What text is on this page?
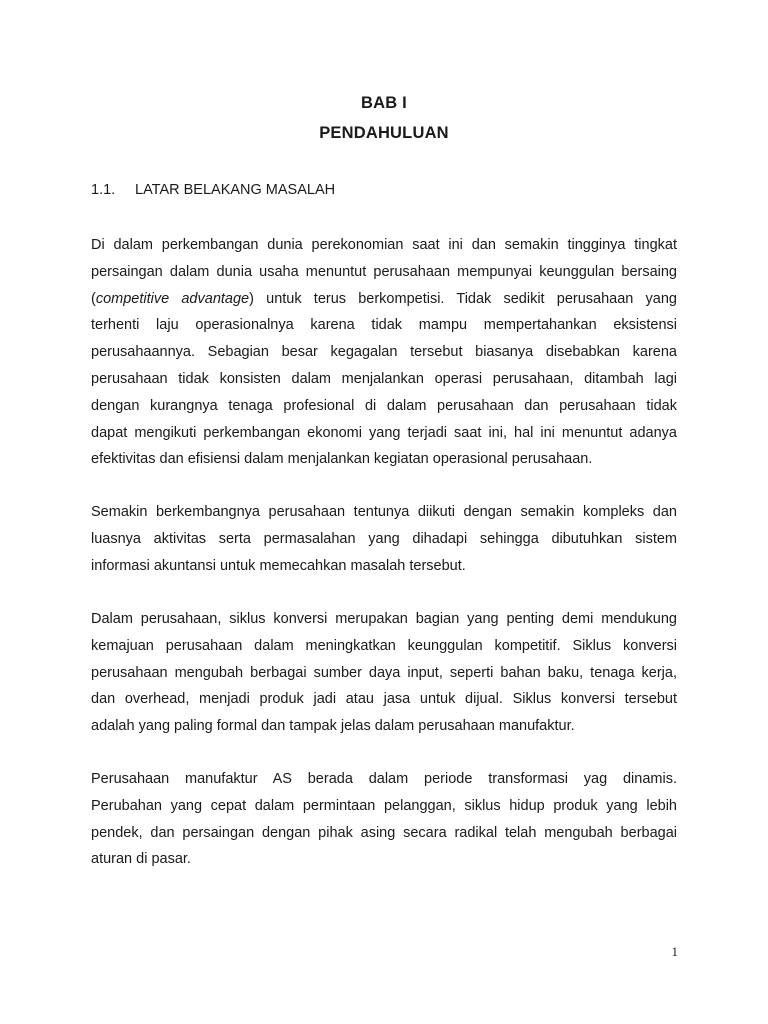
BAB I
PENDAHULUAN
1.1. LATAR BELAKANG MASALAH

Di dalam perkembangan dunia perekonomian saat ini dan semakin tingginya tingkat
persaingan dalam dunia usaha menuntut perusahaan mempunyai keunggulan bersaing
(competitive advantage) untuk terus berkompetisi. Tidak sedikit perusahaan yang
terhenti laju operasionalnya karena tidak mampu mempertahankan eksistensi
perusahaannya. Sebagian besar kegagalan tersebut biasanya disebabkan karena
perusahaan tidak konsisten dalam menjalankan operasi perusahaan, ditambah lagi
dengan kurangnya tenaga profesional di dalam perusahaan dan perusahaan tidak
dapat mengikuti perkembangan ekonomi yang terjadi saat ini, hal ini menuntut adanya
efektivitas dan efisiensi dalam menjalankan kegiatan operasional perusahaan.

Semakin berkembangnya perusahaan tentunya diikuti dengan semakin kompleks dan
luasnya aktivitas serta permasalahan yang dihadapi sehingga dibutuhkan sistem
informasi akuntansi untuk memecahkan masalah tersebut.

Dalam perusahaan, siklus konversi merupakan bagian yang penting demi mendukung
kemajuan perusahaan dalam meningkatkan keunggulan kompetitif. Siklus konversi
perusahaan mengubah berbagai sumber daya input, seperti bahan baku, tenaga kerja,
dan overhead, menjadi produk jadi atau jasa untuk dijual. Siklus konversi tersebut
adalah yang paling formal dan tampak jelas dalam perusahaan manufaktur.

Perusahaan manufaktur AS berada dalam periode transformasi yag dinamis.
Perubahan yang cepat dalam permintaan pelanggan, siklus hidup produk yang lebih
pendek, dan persaingan dengan pihak asing secara radikal telah mengubah berbagai
aturan di pasar.

1
